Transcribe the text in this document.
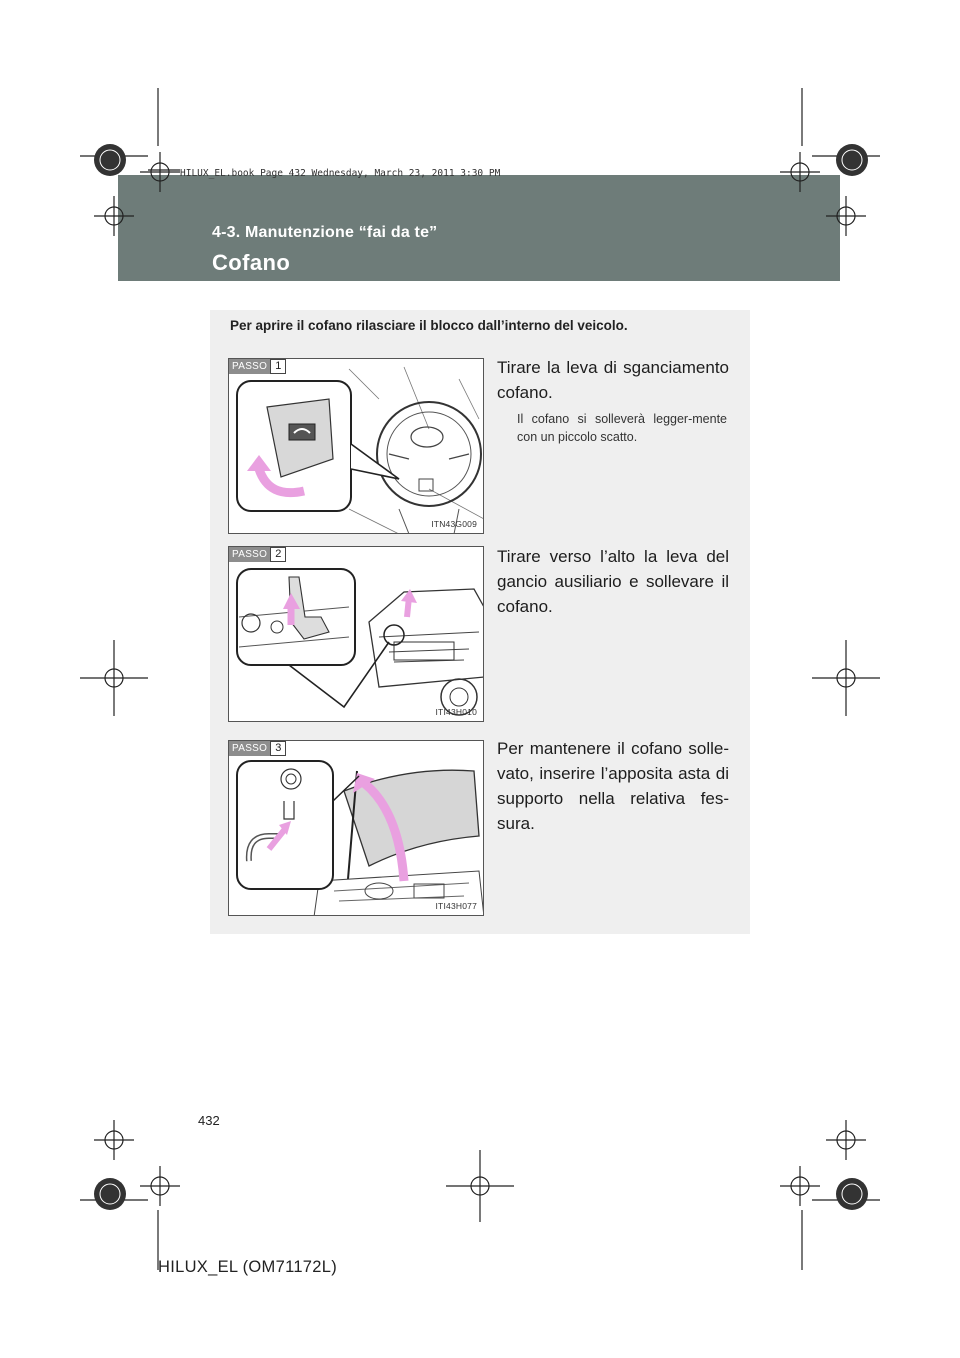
HILUX_EL.book Page 432 Wednesday, March 23, 2011 3:30 PM
4-3. Manutenzione “fai da te”
Cofano
Per aprire il cofano rilasciare il blocco dall’interno del veicolo.
PASSO 1
ITN43G009
Tirare la leva di sganciamento cofano.
Il cofano si solleverà legger-mente con un piccolo scatto.
PASSO 2
ITI43H010
Tirare verso l’alto la leva del gancio ausiliario e sollevare il cofano.
PASSO 3
ITI43H077
Per mantenere il cofano solle-vato, inserire l’apposita asta di supporto nella relativa fes-sura.
432
HILUX_EL (OM71172L)
